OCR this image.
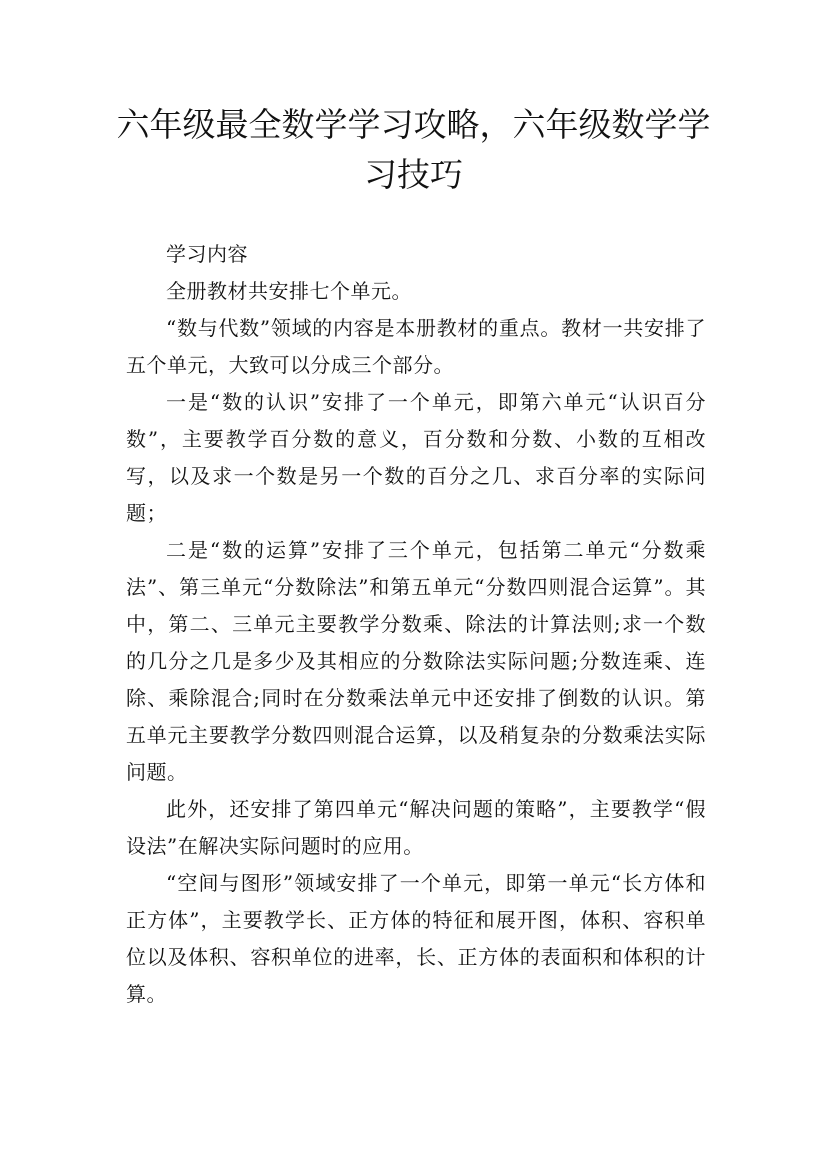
六年级最全数学学习攻略，六年级数学学习技巧

学习内容

全册教材共安排七个单元。

“数与代数”领域的内容是本册教材的重点。教材一共安排了五个单元，大致可以分成三个部分。

一是“数的认识”安排了一个单元，即第六单元“认识百分数”，主要教学百分数的意义，百分数和分数、小数的互相改写，以及求一个数是另一个数的百分之几、求百分率的实际问题；

二是“数的运算”安排了三个单元，包括第二单元“分数乘法”、第三单元“分数除法”和第五单元“分数四则混合运算”。其中，第二、三单元主要教学分数乘、除法的计算法则;求一个数的几分之几是多少及其相应的分数除法实际问题;分数连乘、连除、乘除混合;同时在分数乘法单元中还安排了倒数的认识。第五单元主要教学分数四则混合运算，以及稍复杂的分数乘法实际问题。

此外，还安排了第四单元“解决问题的策略”，主要教学“假设法”在解决实际问题时的应用。

“空间与图形”领域安排了一个单元，即第一单元“长方体和正方体”，主要教学长、正方体的特征和展开图，体积、容积单位以及体积、容积单位的进率，长、正方体的表面积和体积的计算。
